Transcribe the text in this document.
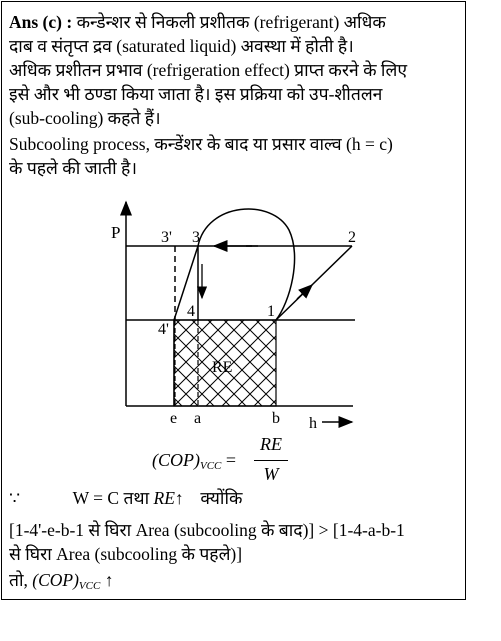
Ans (c) : कन्डेन्शर से निकली प्रशीतक (refrigerant) अधिक
दाब व संतृप्त द्रव (saturated liquid) अवस्था में होती है।
अधिक प्रशीतन प्रभाव (refrigeration effect) प्राप्त करने के लिए
इसे और भी ठण्डा किया जाता है। इस प्रक्रिया को उप-शीतलन
(sub-cooling) कहते हैं।
Subcooling process, कन्डेंशर के बाद या प्रसार वाल्व (h = c)
के पहले की जाती है।
P	3' 3	2
4'
4	1
RE
e a	b h
$(COP)_{VCC}$ =
RE
W
∵	W = C तथा RE↑ क्योंकि
[1-4'-e-b-1 से घिरा Area (subcooling के बाद)] > [1-4-a-b-1
से घिरा Area (subcooling के पहले)]
तो, $(COP)_{VCC}$ ↑
